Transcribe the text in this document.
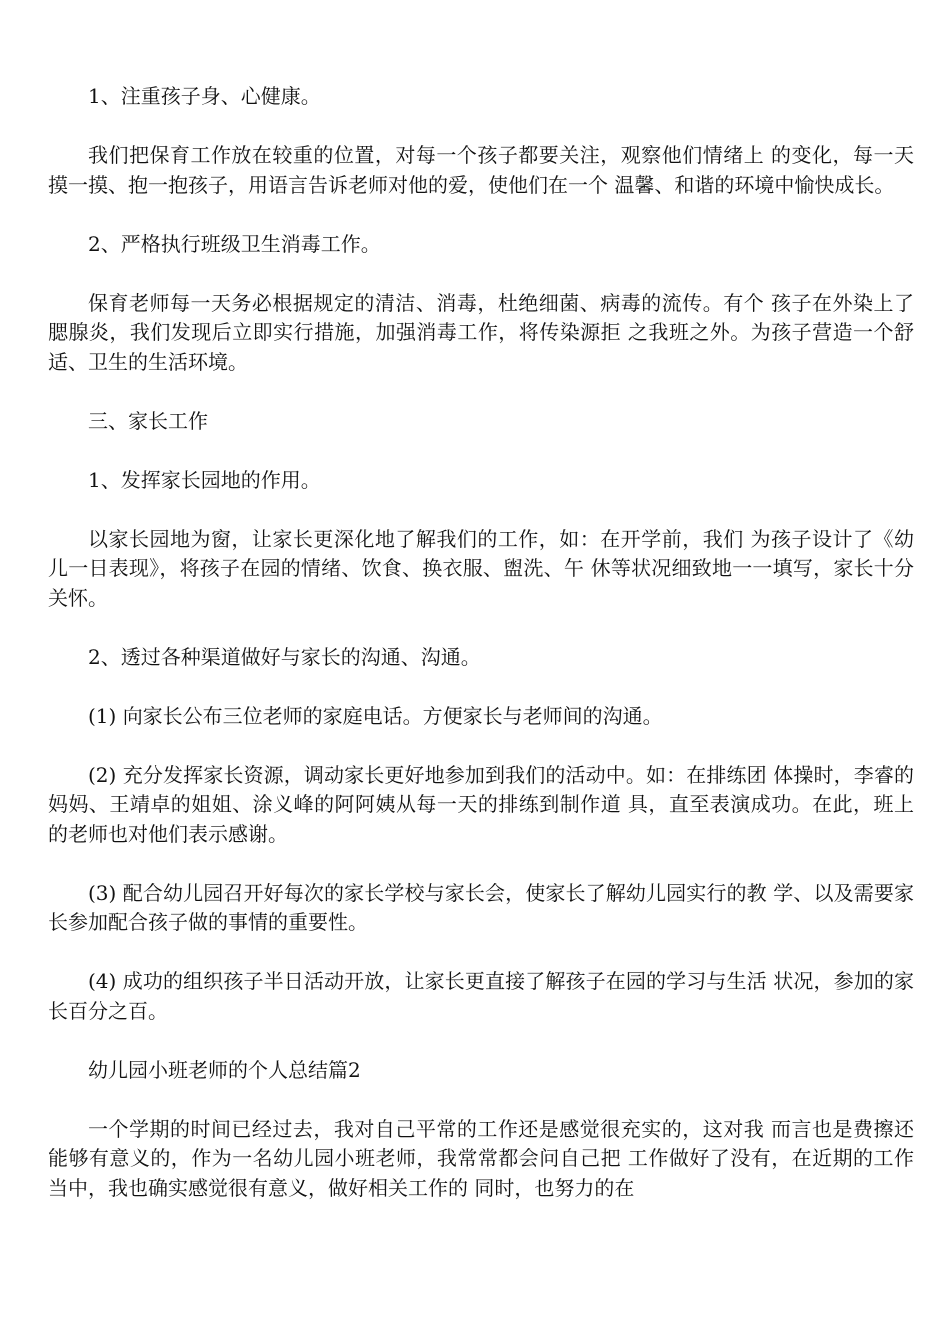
1、注重孩子身、心健康。

我们把保育工作放在较重的位置，对每一个孩子都要关注，观察他们情绪上 的变化，每一天摸一摸、抱一抱孩子，用语言告诉老师对他的爱，使他们在一个 温馨、和谐的环境中愉快成长。

2、严格执行班级卫生消毒工作。

保育老师每一天务必根据规定的清洁、消毒，杜绝细菌、病毒的流传。有个 孩子在外染上了腮腺炎，我们发现后立即实行措施，加强消毒工作，将传染源拒 之我班之外。为孩子营造一个舒适、卫生的生活环境。

三、家长工作

1、发挥家长园地的作用。

以家长园地为窗，让家长更深化地了解我们的工作，如：在开学前，我们 为孩子设计了《幼儿一日表现》，将孩子在园的情绪、饮食、换衣服、盥洗、午 休等状况细致地一一填写，家长十分关怀。

2、透过各种渠道做好与家长的沟通、沟通。

(1) 向家长公布三位老师的家庭电话。方便家长与老师间的沟通。

(2) 充分发挥家长资源，调动家长更好地参加到我们的活动中。如：在排练团 体操时，李睿的妈妈、王靖卓的姐姐、涂义峰的阿阿姨从每一天的排练到制作道 具，直至表演成功。在此，班上的老师也对他们表示感谢。

(3) 配合幼儿园召开好每次的家长学校与家长会，使家长了解幼儿园实行的教 学、以及需要家长参加配合孩子做的事情的重要性。

(4) 成功的组织孩子半日活动开放，让家长更直接了解孩子在园的学习与生活 状况，参加的家长百分之百。

幼儿园小班老师的个人总结篇2

一个学期的时间已经过去，我对自己平常的工作还是感觉很充实的，这对我 而言也是费擦还能够有意义的，作为一名幼儿园小班老师，我常常都会问自己把 工作做好了没有，在近期的工作当中，我也确实感觉很有意义，做好相关工作的 同时，也努力的在
